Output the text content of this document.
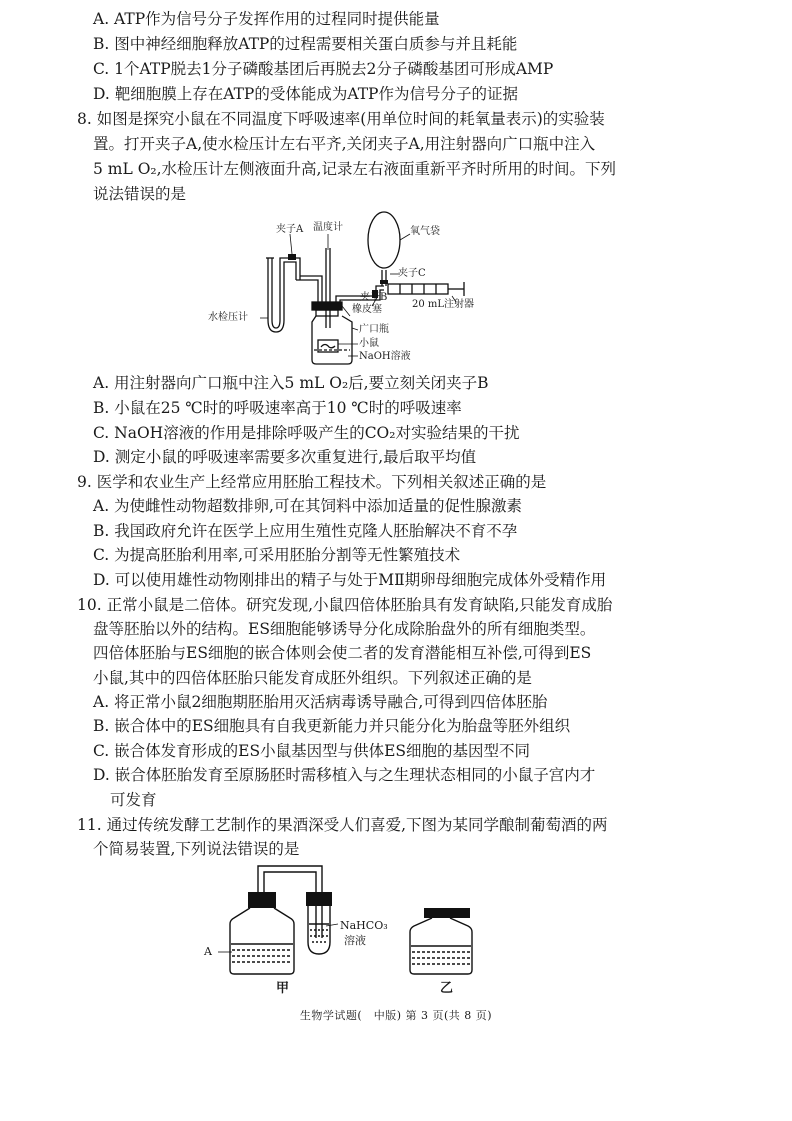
A. ATP作为信号分子发挥作用的过程同时提供能量
B. 图中神经细胞释放ATP的过程需要相关蛋白质参与并且耗能
C. 1个ATP脱去1分子磷酸基团后再脱去2分子磷酸基团可形成AMP
D. 靶细胞膜上存在ATP的受体能成为ATP作为信号分子的证据
8. 如图是探究小鼠在不同温度下呼吸速率(用单位时间的耗氧量表示)的实验装
置。打开夹子A,使水检压计左右平齐,关闭夹子A,用注射器向广口瓶中注入
5 mL O₂,水检压计左侧液面升高,记录左右液面重新平齐时所用的时间。下列
说法错误的是
夹子A 温度计	氧气袋
夹子C
夹子B
橡皮塞	20 mL注射器
水检压计
广口瓶
小鼠
NaOH溶液
A. 用注射器向广口瓶中注入5 mL O₂后,要立刻关闭夹子B
B. 小鼠在25 ℃时的呼吸速率高于10 ℃时的呼吸速率
C. NaOH溶液的作用是排除呼吸产生的CO₂对实验结果的干扰
D. 测定小鼠的呼吸速率需要多次重复进行,最后取平均值
9. 医学和农业生产上经常应用胚胎工程技术。下列相关叙述正确的是
A. 为使雌性动物超数排卵,可在其饲料中添加适量的促性腺激素
B. 我国政府允许在医学上应用生殖性克隆人胚胎解决不育不孕
C. 为提高胚胎利用率,可采用胚胎分割等无性繁殖技术
D. 可以使用雄性动物刚排出的精子与处于MⅡ期卵母细胞完成体外受精作用
10. 正常小鼠是二倍体。研究发现,小鼠四倍体胚胎具有发育缺陷,只能发育成胎
盘等胚胎以外的结构。ES细胞能够诱导分化成除胎盘外的所有细胞类型。
四倍体胚胎与ES细胞的嵌合体则会使二者的发育潜能相互补偿,可得到ES
小鼠,其中的四倍体胚胎只能发育成胚外组织。下列叙述正确的是
A. 将正常小鼠2细胞期胚胎用灭活病毒诱导融合,可得到四倍体胚胎
B. 嵌合体中的ES细胞具有自我更新能力并只能分化为胎盘等胚外组织
C. 嵌合体发育形成的ES小鼠基因型与供体ES细胞的基因型不同
D. 嵌合体胚胎发育至原肠胚时需移植入与之生理状态相同的小鼠子宫内才
可发育
11. 通过传统发酵工艺制作的果酒深受人们喜爱,下图为某同学酿制葡萄酒的两
个简易装置,下列说法错误的是
NaHCO₃
溶液
A
甲	乙
生物学试题(　中版) 第 3 页(共 8 页)
